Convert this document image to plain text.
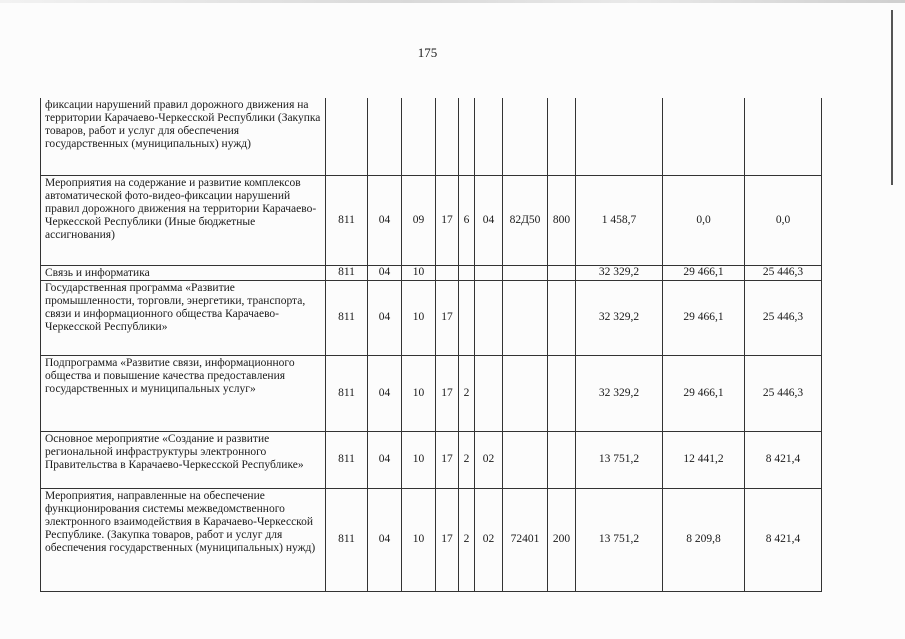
175
фиксации нарушений правил дорожного движения на территории Карачаево-Черкесской Республики (Закупка товаров, работ и услуг для обеспечения государственных (муниципальных) нужд)											
Мероприятия на содержание и развитие комплексов автоматической фото-видео-фиксации нарушений правил дорожного движения на территории Карачаево-Черкесской Республики (Иные бюджетные ассигнования)	811	04	09	17	6	04	82Д50	800	1 458,7	0,0	0,0
Связь и информатика	811	04	10						32 329,2	29 466,1	25 446,3
Государственная программа «Развитие промышленности, торговли, энергетики, транспорта, связи и информационного общества Карачаево-Черкесской Республики»	811	04	10	17					32 329,2	29 466,1	25 446,3
Подпрограмма «Развитие связи, информационного общества и повышение качества предоставления государственных и муниципальных услуг»	811	04	10	17	2				32 329,2	29 466,1	25 446,3
Основное мероприятие «Создание и развитие региональной инфраструктуры электронного Правительства в Карачаево-Черкесской Республике»	811	04	10	17	2	02			13 751,2	12 441,2	8 421,4
Мероприятия, направленные на обеспечение функционирования системы межведомственного электронного взаимодействия в Карачаево-Черкесской Республике. (Закупка товаров, работ и услуг для обеспечения государственных (муниципальных) нужд)	811	04	10	17	2	02	72401	200	13 751,2	8 209,8	8 421,4
